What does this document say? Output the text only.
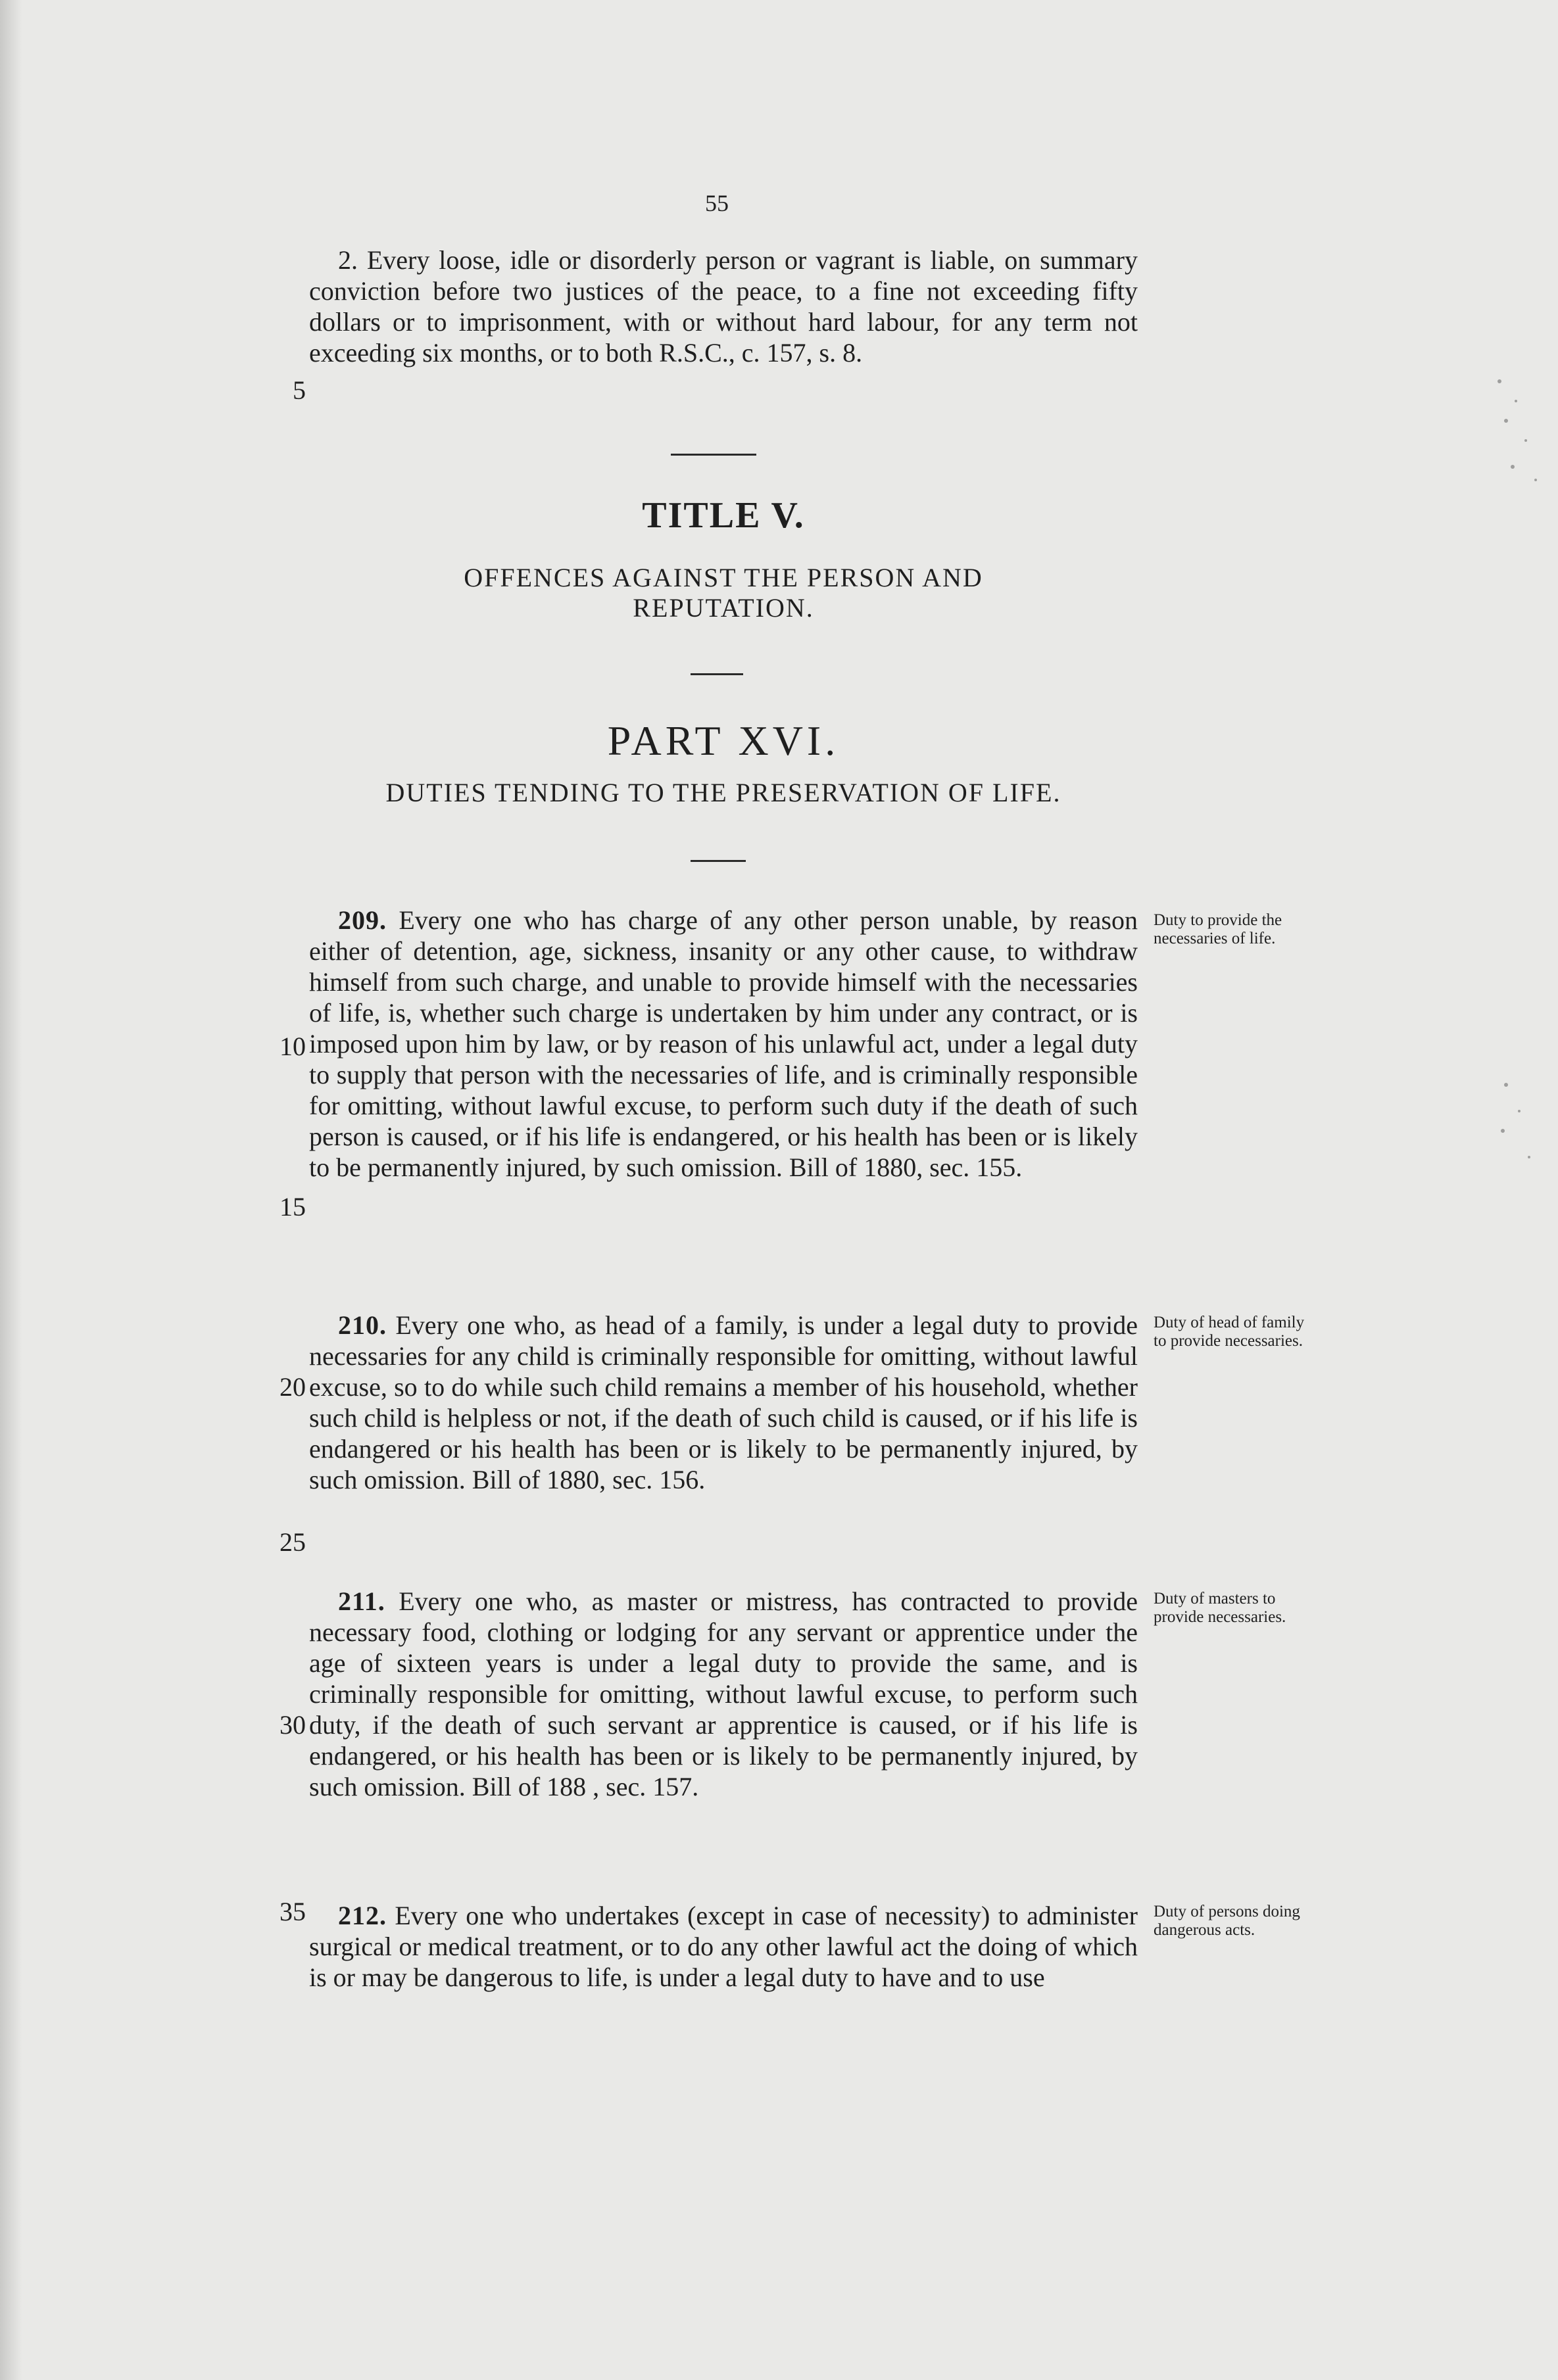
55
2. Every loose, idle or disorderly person or vagrant is liable, on summary conviction before two justices of the peace, to a fine not exceeding fifty dollars or to imprisonment, with or without hard labour, for any term not exceeding six months, or to both R.S.C., c. 157, s. 8.
TITLE V.
OFFENCES AGAINST THE PERSON AND REPUTATION.
PART XVI.
DUTIES TENDING TO THE PRESERVATION OF LIFE.
209. Every one who has charge of any other person unable, by reason either of detention, age, sickness, insanity or any other cause, to withdraw himself from such charge, and unable to provide himself with the necessaries of life, is, whether such charge is undertaken by him under any contract, or is imposed upon him by law, or by reason of his unlawful act, under a legal duty to supply that person with the necessaries of life, and is criminally responsible for omitting, without lawful excuse, to perform such duty if the death of such person is caused, or if his life is endangered, or his health has been or is likely to be permanently injured, by such omission. Bill of 1880, sec. 155.
Duty to provide the necessaries of life.
210. Every one who, as head of a family, is under a legal duty to provide necessaries for any child is criminally responsible for omitting, without lawful excuse, so to do while such child remains a member of his household, whether such child is helpless or not, if the death of such child is caused, or if his life is endangered or his health has been or is likely to be permanently injured, by such omission. Bill of 1880, sec. 156.
Duty of head of family to provide necessaries.
211. Every one who, as master or mistress, has contracted to provide necessary food, clothing or lodging for any servant or apprentice under the age of sixteen years is under a legal duty to provide the same, and is criminally responsible for omitting, without lawful excuse, to perform such duty, if the death of such servant ar apprentice is caused, or if his life is endangered, or his health has been or is likely to be permanently injured, by such omission. Bill of 188 , sec. 157.
Duty of masters to provide necessaries.
212. Every one who undertakes (except in case of necessity) to administer surgical or medical treatment, or to do any other lawful act the doing of which is or may be dangerous to life, is under a legal duty to have and to use
Duty of persons doing dangerous acts.
5
10
15
20
25
30
35
